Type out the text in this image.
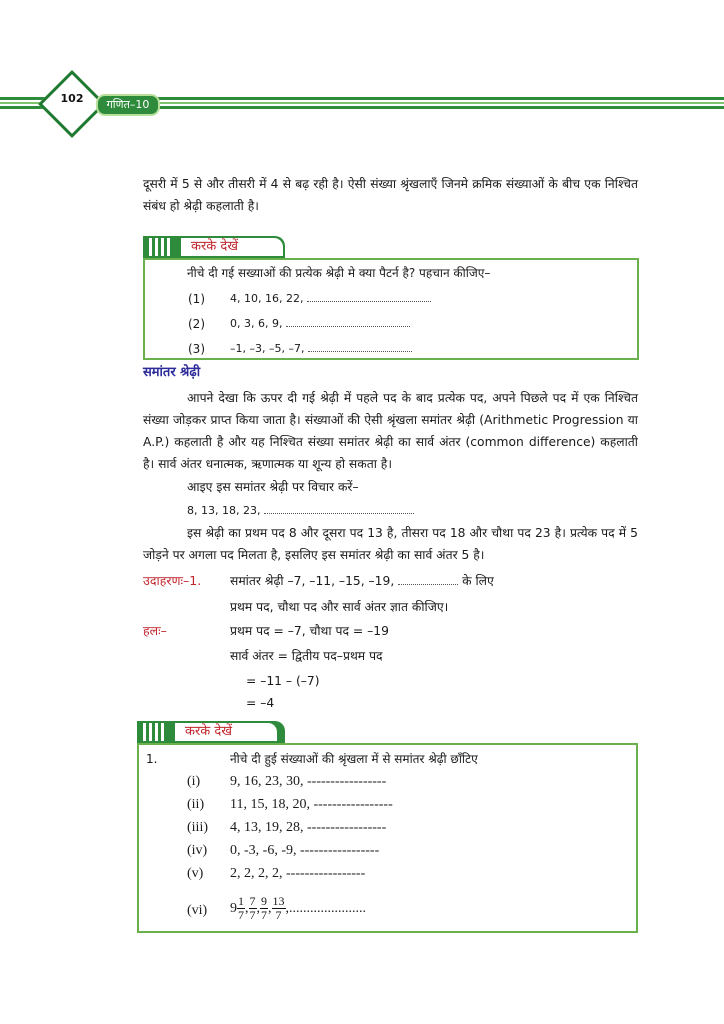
102	गणित–10
दूसरी में 5 से और तीसरी में 4 से बढ़ रही है। ऐसी संख्या श्रृंखलाएँ जिनमे क्रमिक संख्याओं के बीच एक निश्चित संबंध हो श्रेढ़ी कहलाती है।
करके देखें
नीचे दी गई सख्याओं की प्रत्येक श्रेढ़ी मे क्या पैटर्न है? पहचान कीजिए–
(1) 4, 10, 16, 22,
(2) 0, 3, 6, 9,
(3) –1, –3, –5, –7,
समांतर श्रेढ़ी
आपने देखा कि ऊपर दी गई श्रेढ़ी में पहले पद के बाद प्रत्येक पद, अपने पिछले पद में एक निश्चित संख्या जोड़कर प्राप्त किया जाता है। संख्याओं की ऐसी श्रृंखला समांतर श्रेढ़ी (Arithmetic Progression या A.P.) कहलाती है और यह निश्चित संख्या समांतर श्रेढ़ी का सार्व अंतर (common difference) कहलाती है। सार्व अंतर धनात्मक, ऋणात्मक या शून्य हो सकता है।
आइए इस समांतर श्रेढ़ी पर विचार करें–
8, 13, 18, 23,
इस श्रेढ़ी का प्रथम पद 8 और दूसरा पद 13 है, तीसरा पद 18 और चौथा पद 23 है। प्रत्येक पद में 5 जोड़ने पर अगला पद मिलता है, इसलिए इस समांतर श्रेढ़ी का सार्व अंतर 5 है।
उदाहरणः–1. समांतर श्रेढ़ी –7, –11, –15, –19,	के लिए
प्रथम पद, चौथा पद और सार्व अंतर ज्ञात कीजिए।
हलः–	प्रथम पद = –7, चौथा पद = –19
सार्व अंतर = द्वितीय पद–प्रथम पद
= –11 – (–7)
= –4
करके देखें
1.	नीचे दी हुई संख्याओं की श्रृंखला में से समांतर श्रेढ़ी छाँटिए
(i) 9, 16, 23, 30, -----------------
(ii) 11, 15, 18, 20, -----------------
(iii) 4, 13, 19, 28, -----------------
(iv) 0, -3, -6, -9, -----------------
(v) 2, 2, 2, 2, -----------------
(vi) $9 \frac{1}{7}$ , $\frac{7}{7}$ , $\frac{9}{7}$ , $\frac{13}{7}$ ,......................
